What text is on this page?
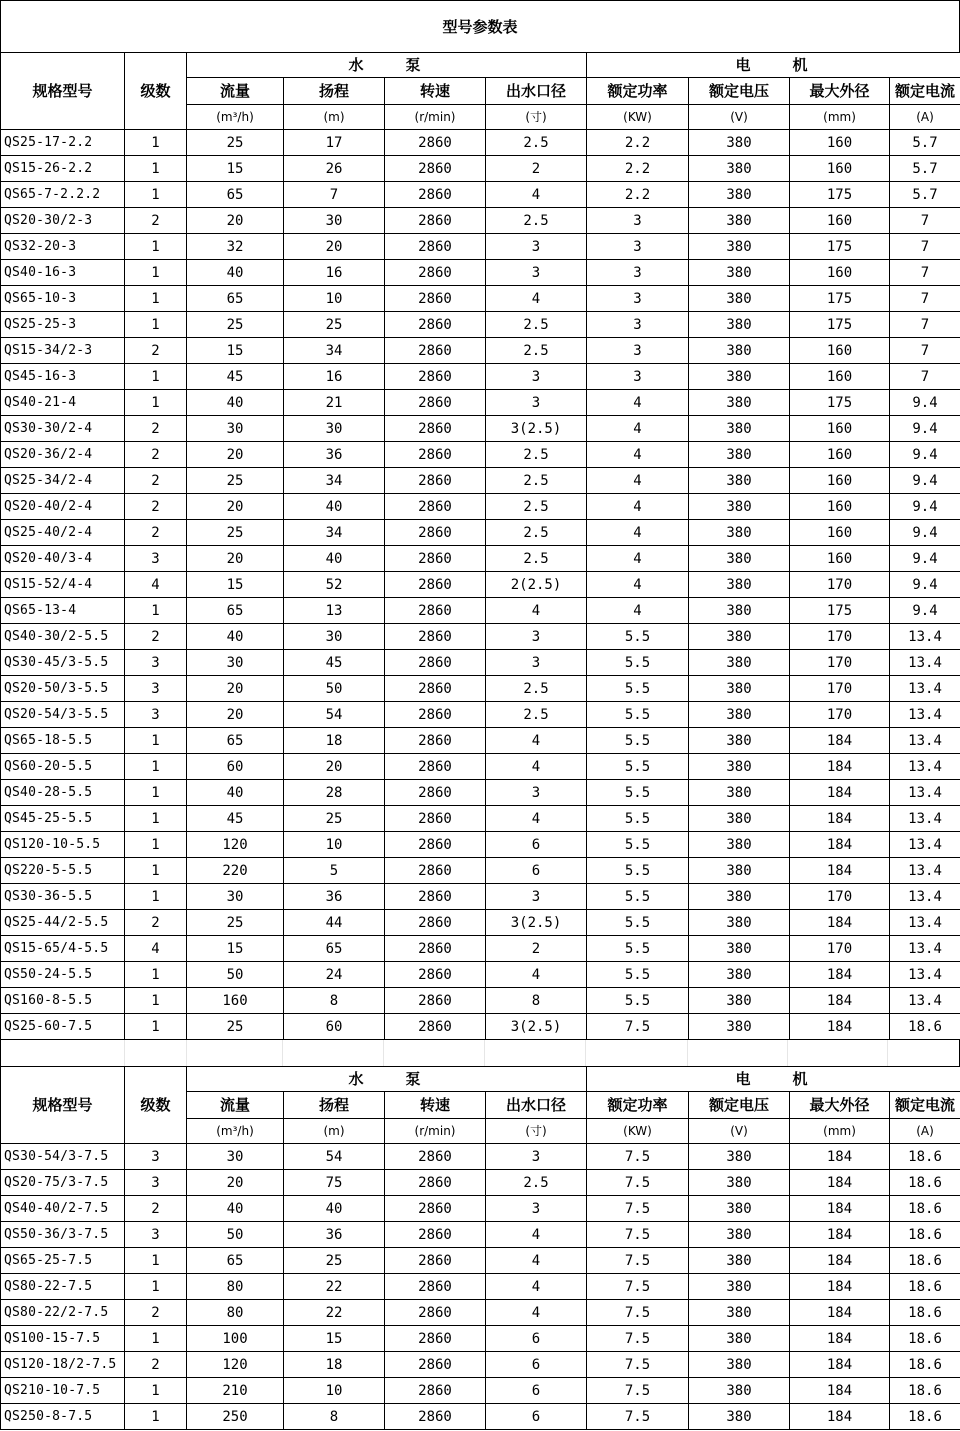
型号参数表
规格型号	级数	水　　泵				电　　机			
		流量	扬程	转速	出水口径	额定功率	额定电压	最大外径	额定电流
		(m³/h)	(m)	(r/min)	(寸)	(KW)	(V)	(mm)	(A)
QS25-17-2.2	1	25	17	2860	2.5	2.2	380	160	5.7
QS15-26-2.2	1	15	26	2860	2	2.2	380	160	5.7
QS65-7-2.2.2	1	65	7	2860	4	2.2	380	175	5.7
QS20-30/2-3	2	20	30	2860	2.5	3	380	160	7
QS32-20-3	1	32	20	2860	3	3	380	175	7
QS40-16-3	1	40	16	2860	3	3	380	160	7
QS65-10-3	1	65	10	2860	4	3	380	175	7
QS25-25-3	1	25	25	2860	2.5	3	380	175	7
QS15-34/2-3	2	15	34	2860	2.5	3	380	160	7
QS45-16-3	1	45	16	2860	3	3	380	160	7
QS40-21-4	1	40	21	2860	3	4	380	175	9.4
QS30-30/2-4	2	30	30	2860	3(2.5)	4	380	160	9.4
QS20-36/2-4	2	20	36	2860	2.5	4	380	160	9.4
QS25-34/2-4	2	25	34	2860	2.5	4	380	160	9.4
QS20-40/2-4	2	20	40	2860	2.5	4	380	160	9.4
QS25-40/2-4	2	25	34	2860	2.5	4	380	160	9.4
QS20-40/3-4	3	20	40	2860	2.5	4	380	160	9.4
QS15-52/4-4	4	15	52	2860	2(2.5)	4	380	170	9.4
QS65-13-4	1	65	13	2860	4	4	380	175	9.4
QS40-30/2-5.5	2	40	30	2860	3	5.5	380	170	13.4
QS30-45/3-5.5	3	30	45	2860	3	5.5	380	170	13.4
QS20-50/3-5.5	3	20	50	2860	2.5	5.5	380	170	13.4
QS20-54/3-5.5	3	20	54	2860	2.5	5.5	380	170	13.4
QS65-18-5.5	1	65	18	2860	4	5.5	380	184	13.4
QS60-20-5.5	1	60	20	2860	4	5.5	380	184	13.4
QS40-28-5.5	1	40	28	2860	3	5.5	380	184	13.4
QS45-25-5.5	1	45	25	2860	4	5.5	380	184	13.4
QS120-10-5.5	1	120	10	2860	6	5.5	380	184	13.4
QS220-5-5.5	1	220	5	2860	6	5.5	380	184	13.4
QS30-36-5.5	1	30	36	2860	3	5.5	380	170	13.4
QS25-44/2-5.5	2	25	44	2860	3(2.5)	5.5	380	184	13.4
QS15-65/4-5.5	4	15	65	2860	2	5.5	380	170	13.4
QS50-24-5.5	1	50	24	2860	4	5.5	380	184	13.4
QS160-8-5.5	1	160	8	2860	8	5.5	380	184	13.4
QS25-60-7.5	1	25	60	2860	3(2.5)	7.5	380	184	18.6
规格型号	级数	水　　泵				电　　机			
		流量	扬程	转速	出水口径	额定功率	额定电压	最大外径	额定电流
		(m³/h)	(m)	(r/min)	(寸)	(KW)	(V)	(mm)	(A)
QS30-54/3-7.5	3	30	54	2860	3	7.5	380	184	18.6
QS20-75/3-7.5	3	20	75	2860	2.5	7.5	380	184	18.6
QS40-40/2-7.5	2	40	40	2860	3	7.5	380	184	18.6
QS50-36/3-7.5	3	50	36	2860	4	7.5	380	184	18.6
QS65-25-7.5	1	65	25	2860	4	7.5	380	184	18.6
QS80-22-7.5	1	80	22	2860	4	7.5	380	184	18.6
QS80-22/2-7.5	2	80	22	2860	4	7.5	380	184	18.6
QS100-15-7.5	1	100	15	2860	6	7.5	380	184	18.6
QS120-18/2-7.5	2	120	18	2860	6	7.5	380	184	18.6
QS210-10-7.5	1	210	10	2860	6	7.5	380	184	18.6
QS250-8-7.5	1	250	8	2860	6	7.5	380	184	18.6
